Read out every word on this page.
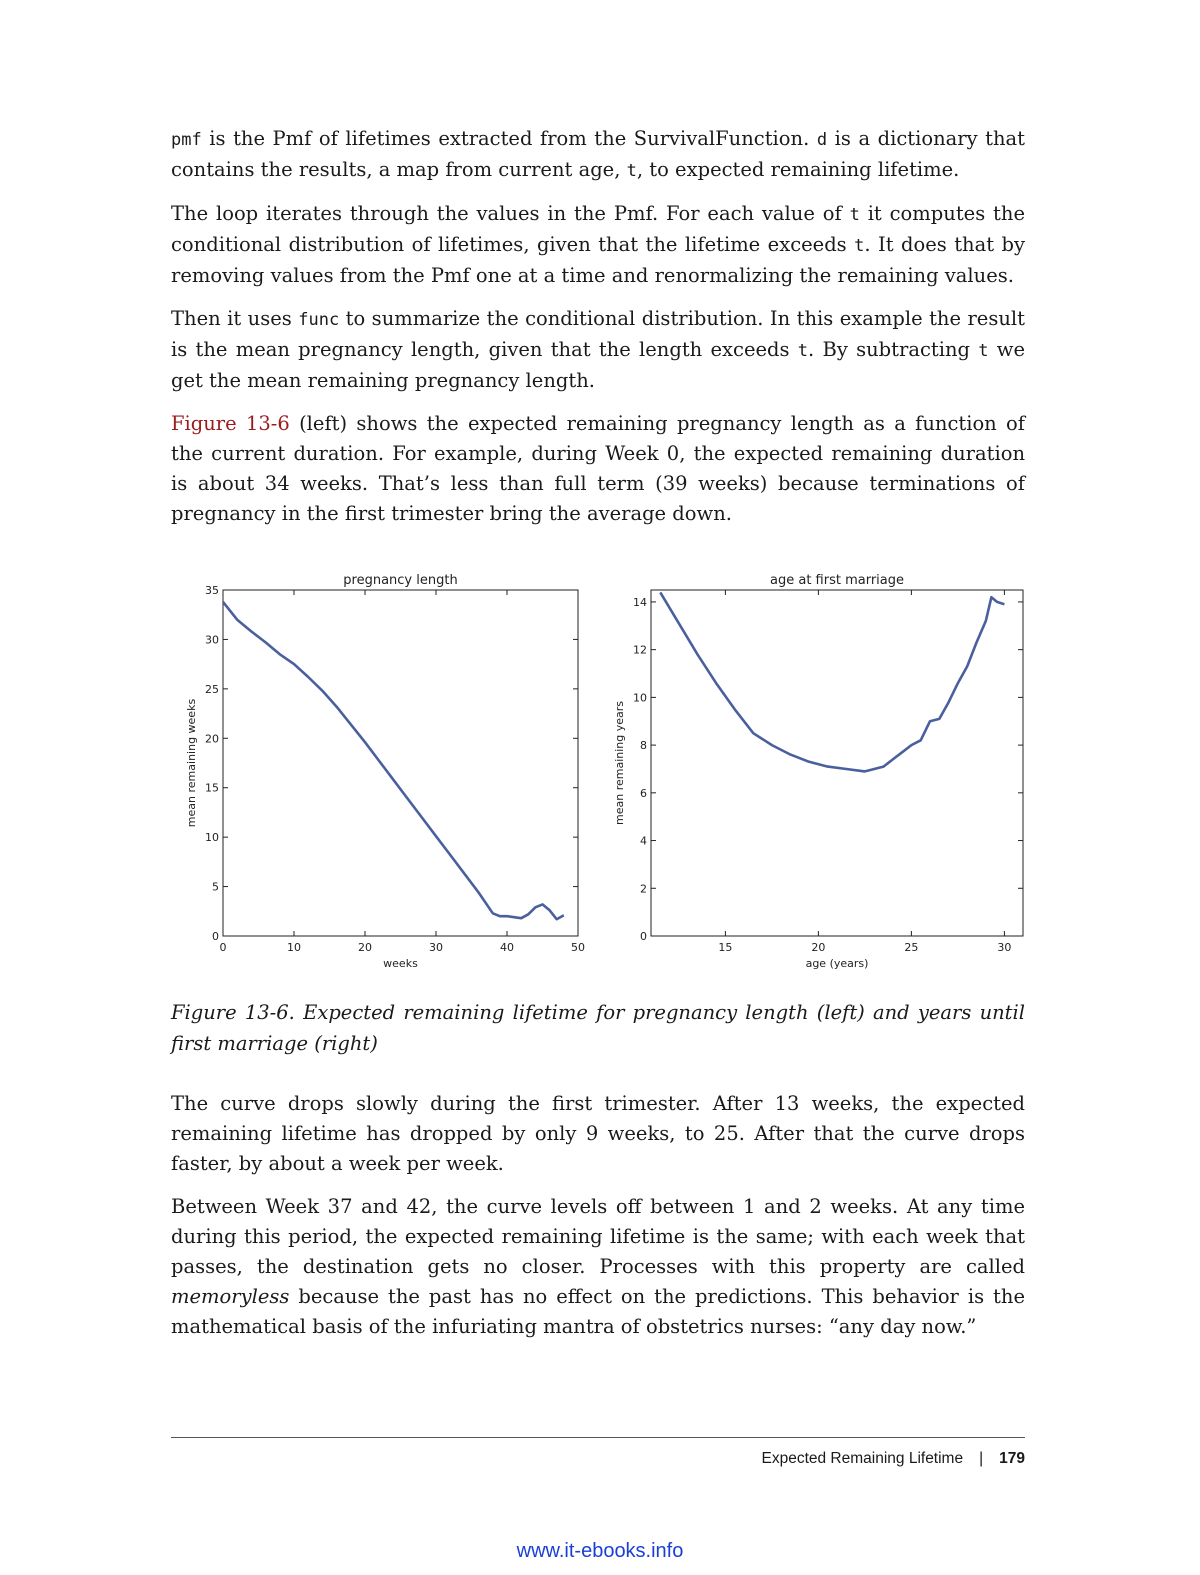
pmf is the Pmf of lifetimes extracted from the SurvivalFunction. d is a dictionary that contains the results, a map from current age, t, to expected remaining lifetime.

The loop iterates through the values in the Pmf. For each value of t it computes the conditional distribution of lifetimes, given that the lifetime exceeds t. It does that by removing values from the Pmf one at a time and renormalizing the remaining values.

Then it uses func to summarize the conditional distribution. In this example the result is the mean pregnancy length, given that the length exceeds t. By subtracting t we get the mean remaining pregnancy length.

Figure 13-6 (left) shows the expected remaining pregnancy length as a function of the current duration. For example, during Week 0, the expected remaining duration is about 34 weeks. That’s less than full term (39 weeks) because terminations of pregnancy in the first trimester bring the average down.

pregnancy length
0	10	20	30	40	50
0
5
10
15
20
25
30
35
weeks
mean remaining weeks
age at first marriage
15	20	25	30
0
2
4
6
8
10
12
14
age (years)
mean remaining years
Figure 13-6. Expected remaining lifetime for pregnancy length (left) and years until first marriage (right)

The curve drops slowly during the first trimester. After 13 weeks, the expected remaining lifetime has dropped by only 9 weeks, to 25. After that the curve drops faster, by about a week per week.

Between Week 37 and 42, the curve levels off between 1 and 2 weeks. At any time during this period, the expected remaining lifetime is the same; with each week that passes, the destination gets no closer. Processes with this property are called memoryless because the past has no effect on the predictions. This behavior is the mathematical basis of the infuriating mantra of obstetrics nurses: “any day now.”

Expected Remaining Lifetime | 179
www.it-ebooks.info
